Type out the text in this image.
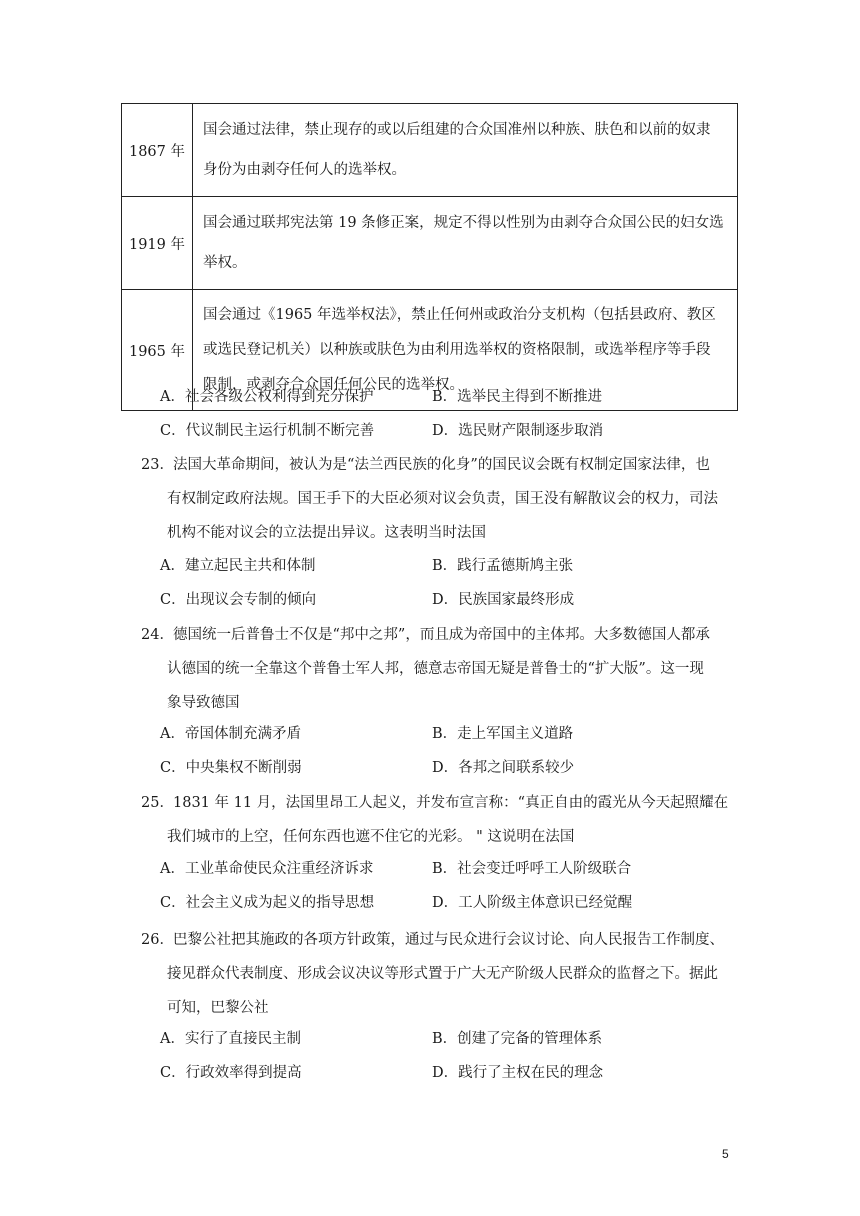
1867 年	国会通过法律，禁止现存的或以后组建的合众国准州以种族、肤色和以前的奴隶
身份为由剥夺任何人的选举权。

1919 年	国会通过联邦宪法第 19 条修正案，规定不得以性别为由剥夺合众国公民的妇女选
举权。

1965 年	国会通过《1965 年选举权法》，禁止任何州或政治分支机构（包括县政府、教区
或选民登记机关）以种族或肤色为由利用选举权的资格限制，或选举程序等手段
限制，或剥夺合众国任何公民的选举权。
A．社会各级公权利得到充分保护	B．选举民主得到不断推进
C．代议制民主运行机制不断完善	D．选民财产限制逐步取消
23． 法国大革命期间，被认为是“法兰西民族的化身”的国民议会既有权制定国家法律，也
有权制定政府法规。国王手下的大臣必须对议会负责，国王没有解散议会的权力，司法
机构不能对议会的立法提出异议。这表明当时法国
A．建立起民主共和体制	B．践行孟德斯鸠主张
C．出现议会专制的倾向	D．民族国家最终形成
24． 德国统一后普鲁士不仅是“邦中之邦”，而且成为帝国中的主体邦。大多数德国人都承
认德国的统一全靠这个普鲁士军人邦，德意志帝国无疑是普鲁士的“扩大版”。这一现
象导致德国
A．帝国体制充满矛盾	B．走上军国主义道路
C．中央集权不断削弱	D．各邦之间联系较少
25． 1831 年 11 月，法国里昂工人起义，并发布宣言称：“真正自由的霞光从今天起照耀在
我们城市的上空，任何东西也遮不住它的光彩。 " 这说明在法国
A．工业革命使民众注重经济诉求	B．社会变迁呼呼工人阶级联合
C．社会主义成为起义的指导思想	D．工人阶级主体意识已经觉醒
26． 巴黎公社把其施政的各项方针政策，通过与民众进行会议讨论、向人民报告工作制度、
接见群众代表制度、形成会议决议等形式置于广大无产阶级人民群众的监督之下。据此
可知，巴黎公社
A．实行了直接民主制	B．创建了完备的管理体系
C．行政效率得到提高	D．践行了主权在民的理念
5
